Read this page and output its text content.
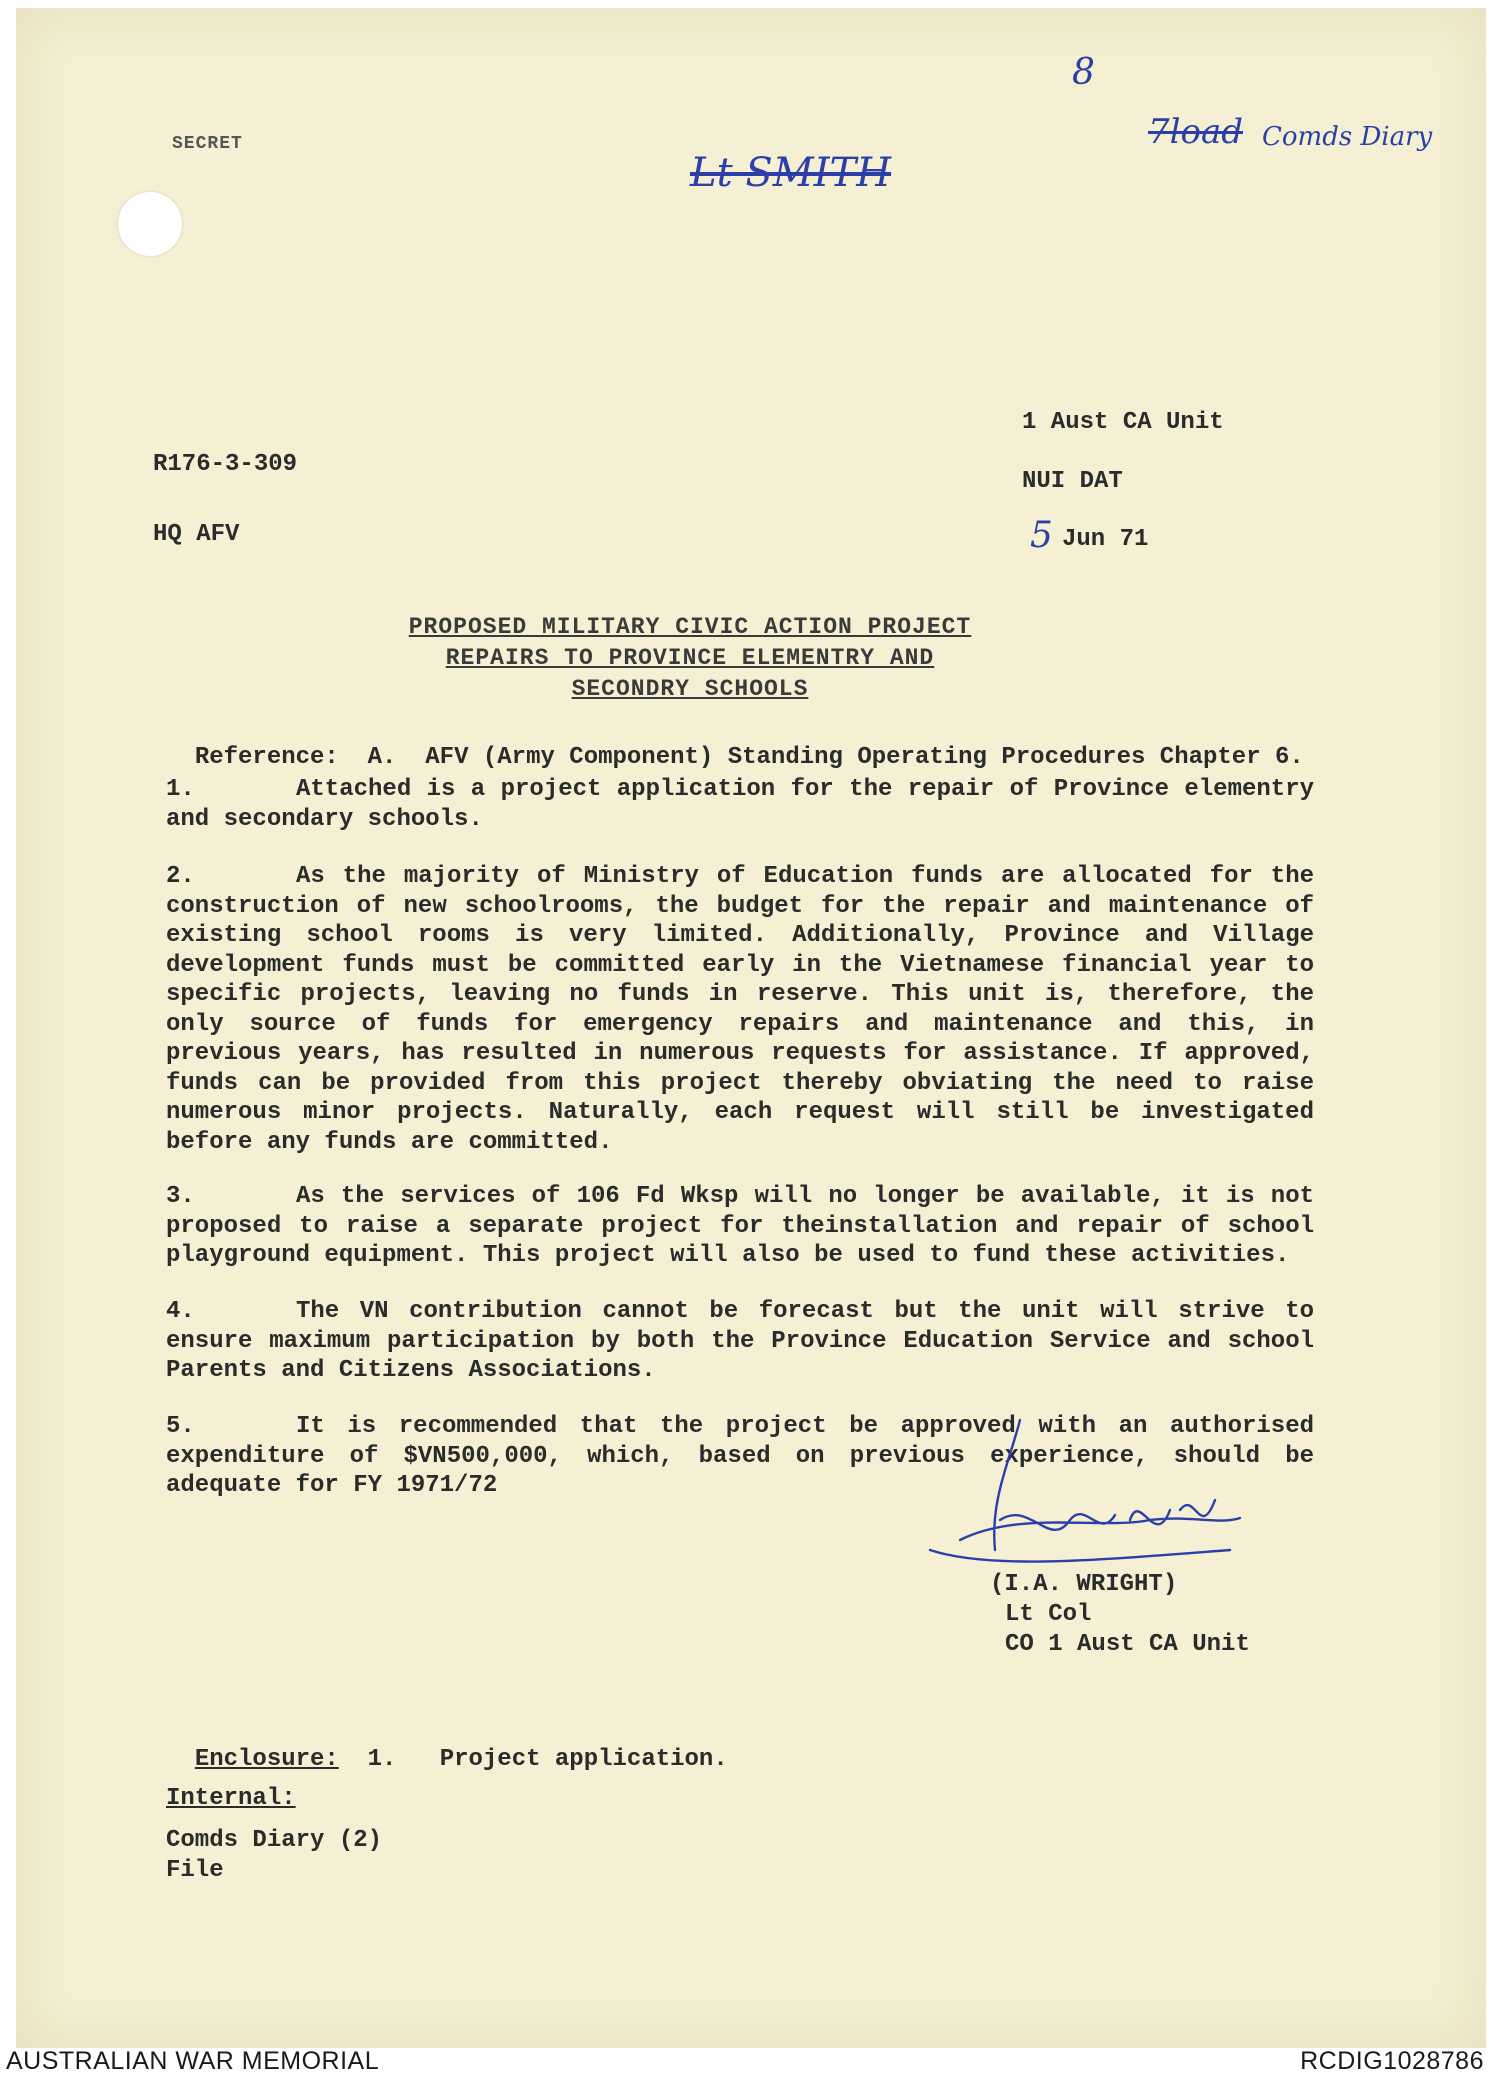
SECRET
8
Lt SMITH
7load Comds Diary
1 Aust CA Unit
NUI DAT
5 Jun 71
R176-3-309
HQ AFV
PROPOSED MILITARY CIVIC ACTION PROJECT
REPAIRS TO PROVINCE ELEMENTRY AND
SECONDRY SCHOOLS

Reference: A.  AFV (Army Component) Standing Operating Procedures Chapter 6.

1.	Attached is a project application for the repair of Province elementry and secondary schools.
2.	As the majority of Ministry of Education funds are allocated for the construction of new schoolrooms, the budget for the repair and maintenance of existing school rooms is very limited. Additionally, Province and Village development funds must be committed early in the Vietnamese financial year to specific projects, leaving no funds in reserve. This unit is, therefore, the only source of funds for emergency repairs and maintenance and this, in previous years, has resulted in numerous requests for assistance. If approved, funds can be provided from this project thereby obviating the need to raise numerous minor projects. Naturally, each request will still be investigated before any funds are committed.
3.	As the services of 106 Fd Wksp will no longer be available, it is not proposed to raise a separate project for theinstallation and repair of school playground equipment. This project will also be used to fund these activities.
4.	The VN contribution cannot be forecast but the unit will strive to ensure maximum participation by both the Province Education Service and school Parents and Citizens Associations.
5.	It is recommended that the project be approved with an authorised expenditure of $VN500,000, which, based on previous experience, should be adequate for FY 1971/72
(I.A. WRIGHT)
Lt Col
CO 1 Aust CA Unit

Enclosure: 1. Project application.

Internal:
Comds Diary (2)
File
AUSTRALIAN WAR MEMORIAL	RCDIG1028786
